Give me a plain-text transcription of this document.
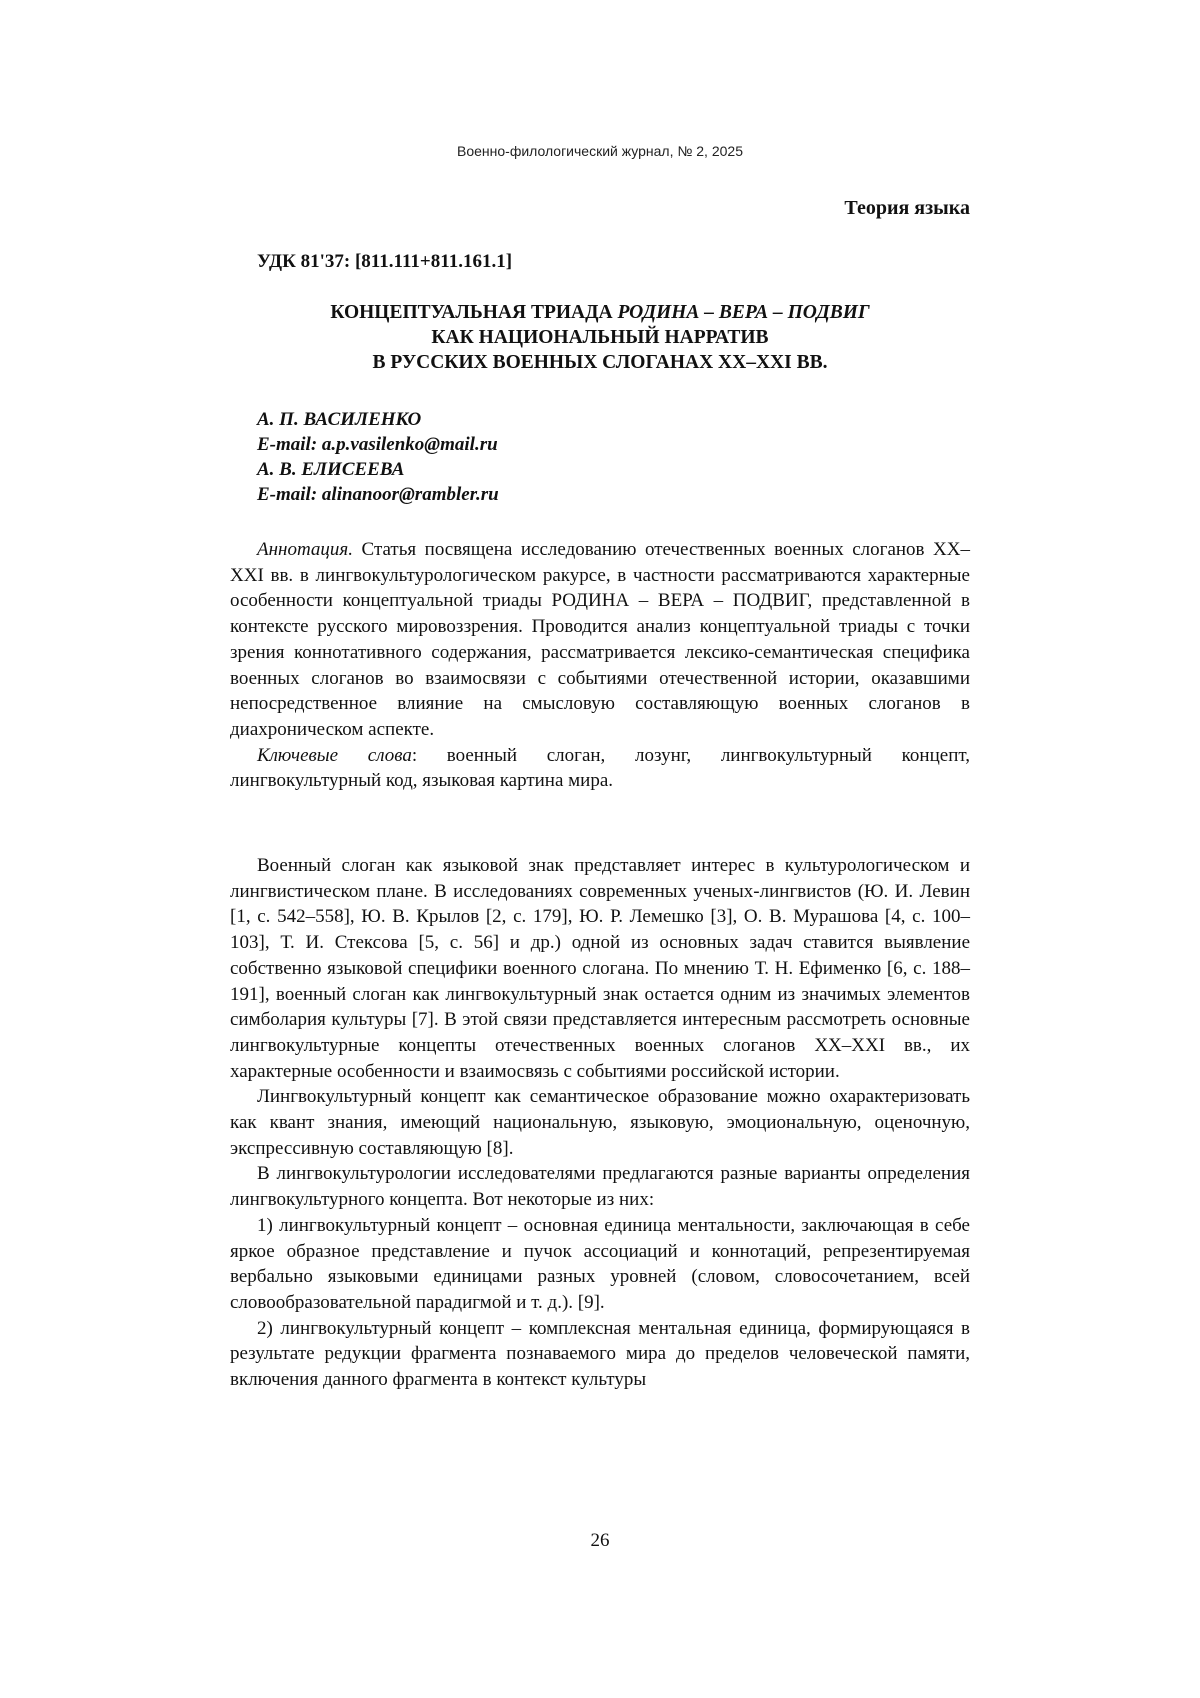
Военно-филологический журнал, № 2, 2025
Теория языка
УДК 81'37: [811.111+811.161.1]
КОНЦЕПТУАЛЬНАЯ ТРИАДА РОДИНА – ВЕРА – ПОДВИГ
КАК НАЦИОНАЛЬНЫЙ НАРРАТИВ
В РУССКИХ ВОЕННЫХ СЛОГАНАХ XX–XXI ВВ.
А. П. ВАСИЛЕНКО
E-mail: a.p.vasilenko@mail.ru
А. В. ЕЛИСЕЕВА
E-mail: alinanoor@rambler.ru

Аннотация. Статья посвящена исследованию отечественных военных слоганов XX–XXI вв. в лингвокультурологическом ракурсе, в частности рассматриваются характерные особенности концептуальной триады РОДИНА – ВЕРА – ПОДВИГ, представленной в контексте русского мировоззрения. Проводится анализ концептуальной триады с точки зрения коннотативного содержания, рассматривается лексико-семантическая специфика военных слоганов во взаимосвязи с событиями отечественной истории, оказавшими непосредственное влияние на смысловую составляющую военных слоганов в диахроническом аспекте.

Ключевые слова: военный слоган, лозунг, лингвокультурный концепт, лингвокультурный код, языковая картина мира.

Военный слоган как языковой знак представляет интерес в культурологическом и лингвистическом плане. В исследованиях современных ученых-лингвистов (Ю. И. Левин [1, с. 542–558], Ю. В. Крылов [2, с. 179], Ю. Р. Лемешко [3], О. В. Мурашова [4, с. 100–103], Т. И. Стексова [5, с. 56] и др.) одной из основных задач ставится выявление собственно языковой специфики военного слогана. По мнению Т. Н. Ефименко [6, с. 188–191], военный слоган как лингвокультурный знак остается одним из значимых элементов симболария культуры [7]. В этой связи представляется интересным рассмотреть основные лингвокультурные концепты отечественных военных слоганов XX–XXI вв., их характерные особенности и взаимосвязь с событиями российской истории.

Лингвокультурный концепт как семантическое образование можно охарактеризовать как квант знания, имеющий национальную, языковую, эмоциональную, оценочную, экспрессивную составляющую [8].

В лингвокультурологии исследователями предлагаются разные варианты определения лингвокультурного концепта. Вот некоторые из них:

1) лингвокультурный концепт – основная единица ментальности, заключающая в себе яркое образное представление и пучок ассоциаций и коннотаций, репрезентируемая вербально языковыми единицами разных уровней (словом, словосочетанием, всей словообразовательной парадигмой и т. д.). [9].

2) лингвокультурный концепт – комплексная ментальная единица, формирующаяся в результате редукции фрагмента познаваемого мира до пределов человеческой памяти, включения данного фрагмента в контекст культуры

26
